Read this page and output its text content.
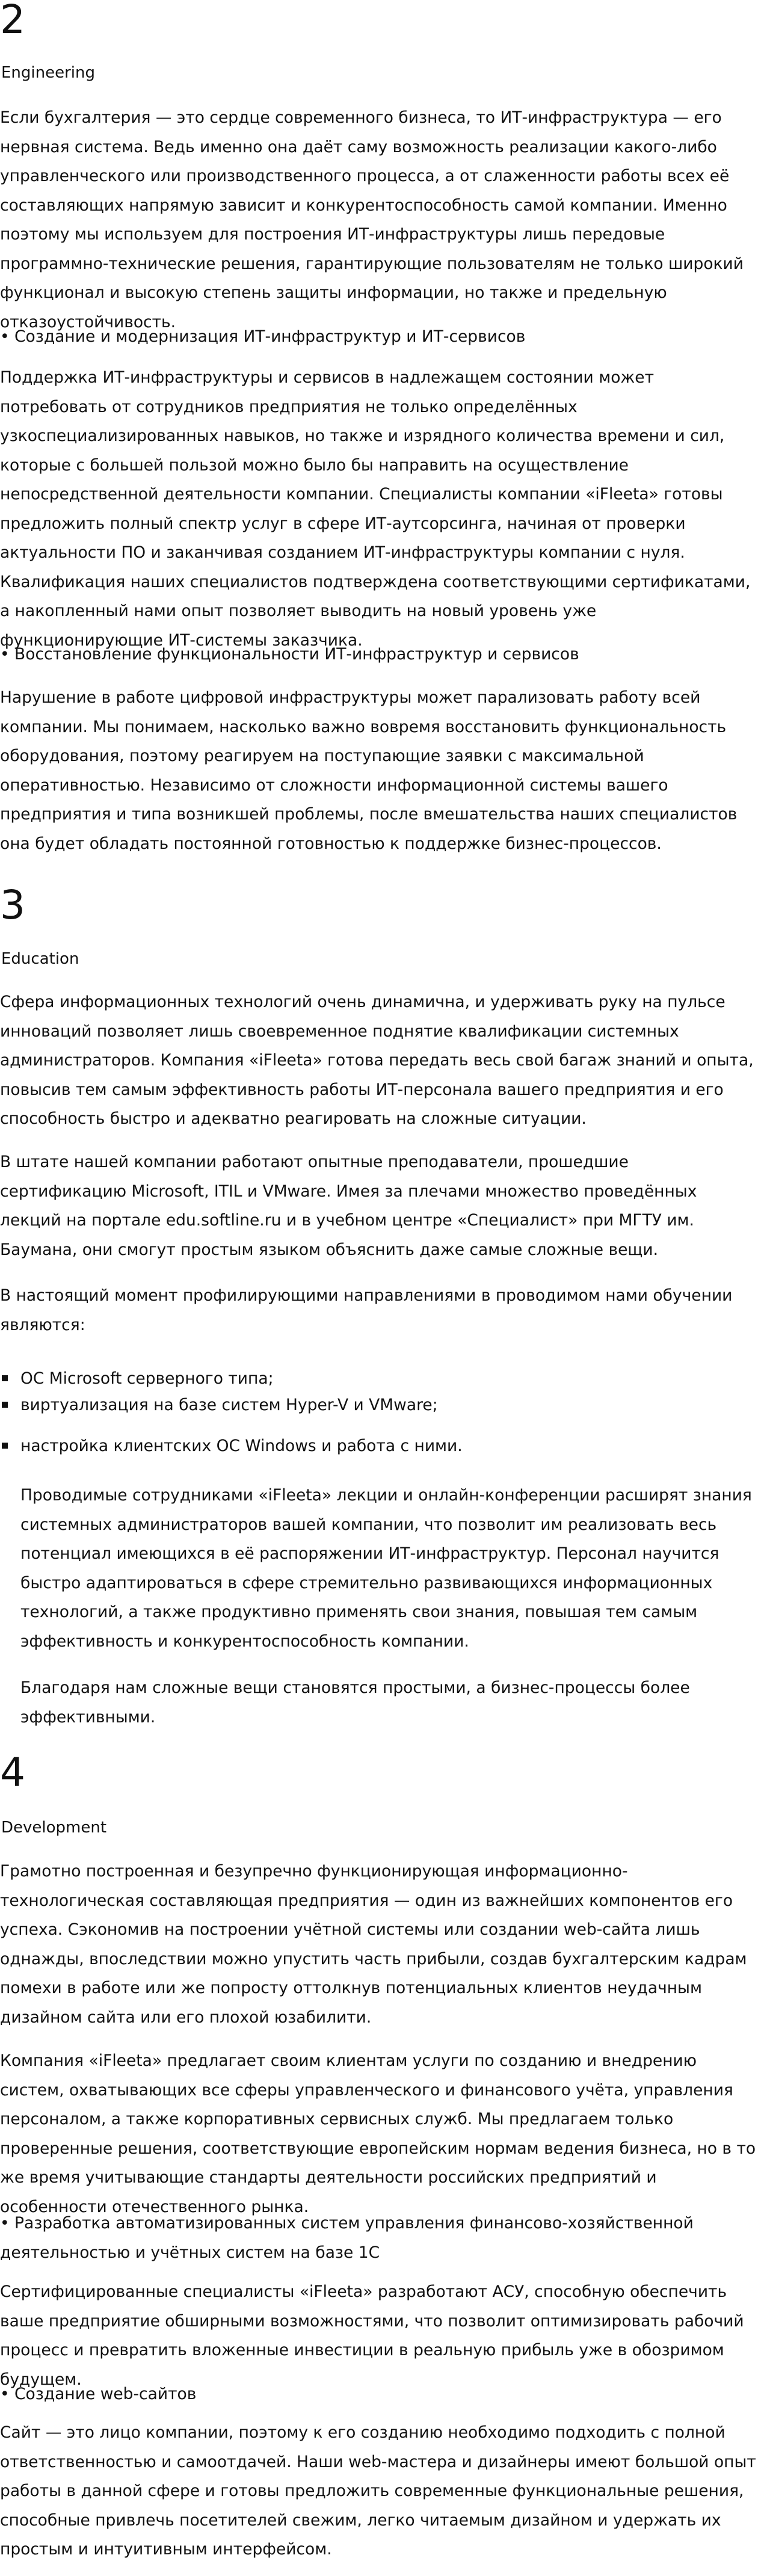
2
Engineering

Если бухгалтерия — это сердце современного бизнеса, то ИТ-инфраструктура — его нервная система. Ведь именно она даёт саму возможность реализации какого-либо управленческого или производственного процесса, а от слаженности работы всех её составляющих напрямую зависит и конкурентоспособность самой компании. Именно поэтому мы используем для построения ИТ-инфраструктуры лишь передовые программно-технические решения, гарантирующие пользователям не только широкий функционал и высокую степень защиты информации, но также и предельную отказоустойчивость.

• Создание и модернизация ИТ-инфраструктур и ИТ-сервисов

Поддержка ИТ-инфраструктуры и сервисов в надлежащем состоянии может потребовать от сотрудников предприятия не только определённых узкоспециализированных навыков, но также и изрядного количества времени и сил, которые с большей пользой можно было бы направить на осуществление непосредственной деятельности компании. Специалисты компании «iFleeta» готовы предложить полный спектр услуг в сфере ИТ-аутсорсинга, начиная от проверки актуальности ПО и заканчивая созданием ИТ-инфраструктуры компании с нуля. Квалификация наших специалистов подтверждена соответствующими сертификатами, а накопленный нами опыт позволяет выводить на новый уровень уже функционирующие ИТ-системы заказчика.

• Восстановление функциональности ИТ-инфраструктур и сервисов

Нарушение в работе цифровой инфраструктуры может парализовать работу всей компании. Мы понимаем, насколько важно вовремя восстановить функциональность оборудования, поэтому реагируем на поступающие заявки с максимальной оперативностью. Независимо от сложности информационной системы вашего предприятия и типа возникшей проблемы, после вмешательства наших специалистов она будет обладать постоянной готовностью к поддержке бизнес-процессов.

3
Education

Сфера информационных технологий очень динамична, и удерживать руку на пульсе инноваций позволяет лишь своевременное поднятие квалификации системных администраторов. Компания «iFleeta» готова передать весь свой багаж знаний и опыта, повысив тем самым эффективность работы ИТ-персонала вашего предприятия и его способность быстро и адекватно реагировать на сложные ситуации.

В штате нашей компании работают опытные преподаватели, прошедшие сертификацию Microsoft, ITIL и VMware. Имея за плечами множество проведённых лекций на портале edu.softline.ru и в учебном центре «Специалист» при МГТУ им. Баумана, они смогут простым языком объяснить даже самые сложные вещи.

В настоящий момент профилирующими направлениями в проводимом нами обучении являются:

ОС Microsoft серверного типа;
виртуализация на базе систем Hyper-V и VMware;
настройка клиентских ОС Windows и работа с ними.

Проводимые сотрудниками «iFleeta» лекции и онлайн-конференции расширят знания системных администраторов вашей компании, что позволит им реализовать весь потенциал имеющихся в её распоряжении ИТ-инфраструктур. Персонал научится быстро адаптироваться в сфере стремительно развивающихся информационных технологий, а также продуктивно применять свои знания, повышая тем самым эффективность и конкурентоспособность компании.

Благодаря нам сложные вещи становятся простыми, а бизнес-процессы более эффективными.

4
Development

Грамотно построенная и безупречно функционирующая информационно-технологическая составляющая предприятия — один из важнейших компонентов его успеха. Сэкономив на построении учётной системы или создании web-сайта лишь однажды, впоследствии можно упустить часть прибыли, создав бухгалтерским кадрам помехи в работе или же попросту оттолкнув потенциальных клиентов неудачным дизайном сайта или его плохой юзабилити.

Компания «iFleeta» предлагает своим клиентам услуги по созданию и внедрению систем, охватывающих все сферы управленческого и финансового учёта, управления персоналом, а также корпоративных сервисных служб. Мы предлагаем только проверенные решения, соответствующие европейским нормам ведения бизнеса, но в то же время учитывающие стандарты деятельности российских предприятий и особенности отечественного рынка.

• Разработка автоматизированных систем управления финансово-хозяйственной деятельностью и учётных систем на базе 1С

Сертифицированные специалисты «iFleeta» разработают АСУ, способную обеспечить ваше предприятие обширными возможностями, что позволит оптимизировать рабочий процесс и превратить вложенные инвестиции в реальную прибыль уже в обозримом будущем.

• Создание web-сайтов

Сайт — это лицо компании, поэтому к его созданию необходимо подходить с полной ответственностью и самоотдачей. Наши web-мастера и дизайнеры имеют большой опыт работы в данной сфере и готовы предложить современные функциональные решения, способные привлечь посетителей свежим, легко читаемым дизайном и удержать их простым и интуитивным интерфейсом.
